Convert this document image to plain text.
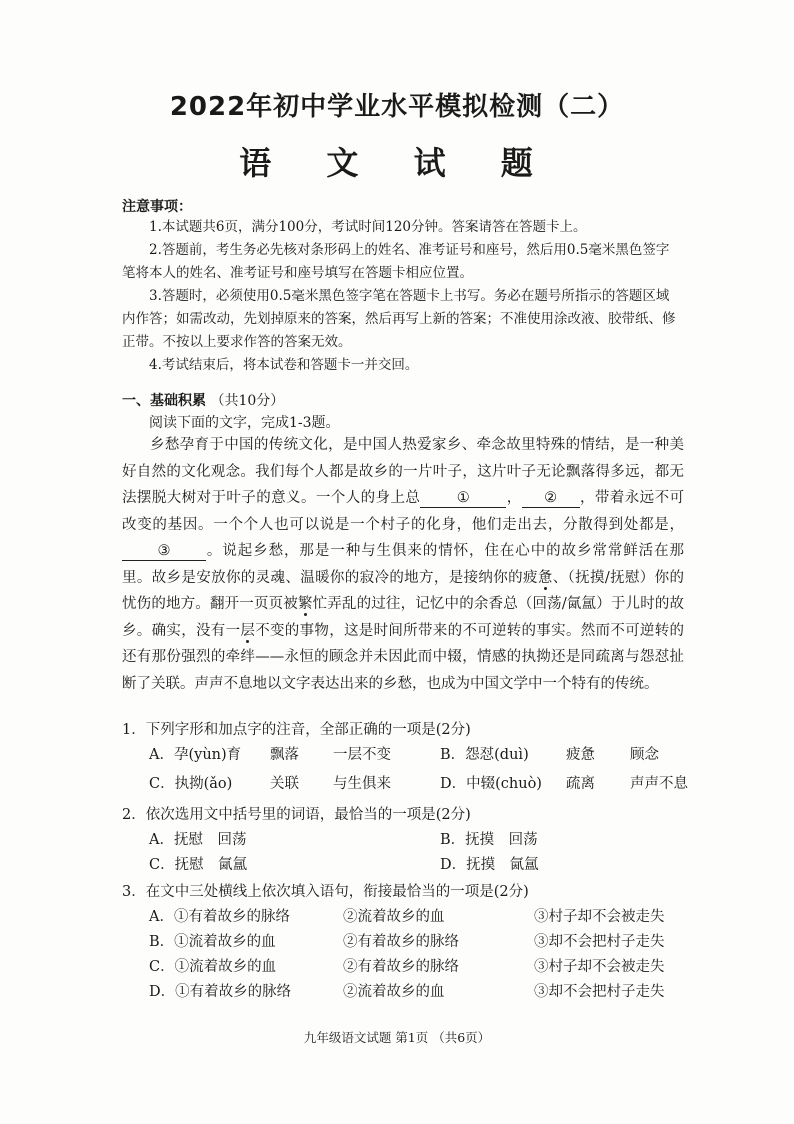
2022年初中学业水平模拟检测（二）
语 文 试 题
注意事项：
1.本试题共6页，满分100分，考试时间120分钟。答案请答在答题卡上。
2.答题前，考生务必先核对条形码上的姓名、准考证号和座号，然后用0.5毫米黑色签字笔将本人的姓名、准考证号和座号填写在答题卡相应位置。
3.答题时，必须使用0.5毫米黑色签字笔在答题卡上书写。务必在题号所指示的答题区域内作答；如需改动，先划掉原来的答案，然后再写上新的答案；不准使用涂改液、胶带纸、修正带。不按以上要求作答的答案无效。
4.考试结束后，将本试卷和答题卡一并交回。
一、基础积累 （共10分）
阅读下面的文字，完成1-3题。
乡愁孕育于中国的传统文化，是中国人热爱家乡、牵念故里特殊的情结，是一种美好自然的文化观念。我们每个人都是故乡的一片叶子，这片叶子无论飘落得多远，都无法摆脱大树对于叶子的意义。一个人的身上总	①	， ② ，带着永远不可改变的基因。一个个人也可以说是一个村子的化身，他们走出去，分散得到处都是，③ 。说起乡愁，那是一种与生俱来的情怀，住在心中的故乡常常鲜活在那里。故乡是安放你的灵魂、温暖你的寂冷的地方，是接纳你的疲惫、（抚摸/抚慰）你的忧伤的地方。翻开一页页被繁忙弄乱的过往，记忆中的余香总（回荡/氤氲）于儿时的故乡。确实，没有一层不变的事物，这是时间所带来的不可逆转的事实。然而不可逆转的还有那份强烈的牵绊——永恒的顾念并未因此而中辍，情感的执拗还是同疏离与怨怼扯断了关联。声声不息地以文字表达出来的乡愁，也成为中国文学中一个特有的传统。
1．下列字形和加点字的注音，全部正确的一项是(2分)
A．孕(yùn)育 飘落 一层不变	B．怨怼(duì)	疲惫 顾念
C．执拗(ǎo)	关联 与生俱来	D．中辍(chuò) 疏离 声声不息
2．依次选用文中括号里的词语，最恰当的一项是(2分)
A．抚慰　回荡	B．抚摸　回荡
C．抚慰　氤氲	D．抚摸　氤氲
3．在文中三处横线上依次填入语句，衔接最恰当的一项是(2分)
A．①有着故乡的脉络	②流着故乡的血	③村子却不会被走失
B．①流着故乡的血	②有着故乡的脉络	③却不会把村子走失
C．①流着故乡的血	②有着故乡的脉络	③村子却不会被走失
D．①有着故乡的脉络	②流着故乡的血	③却不会把村子走失
九年级语文试题 第1页 （共6页）
